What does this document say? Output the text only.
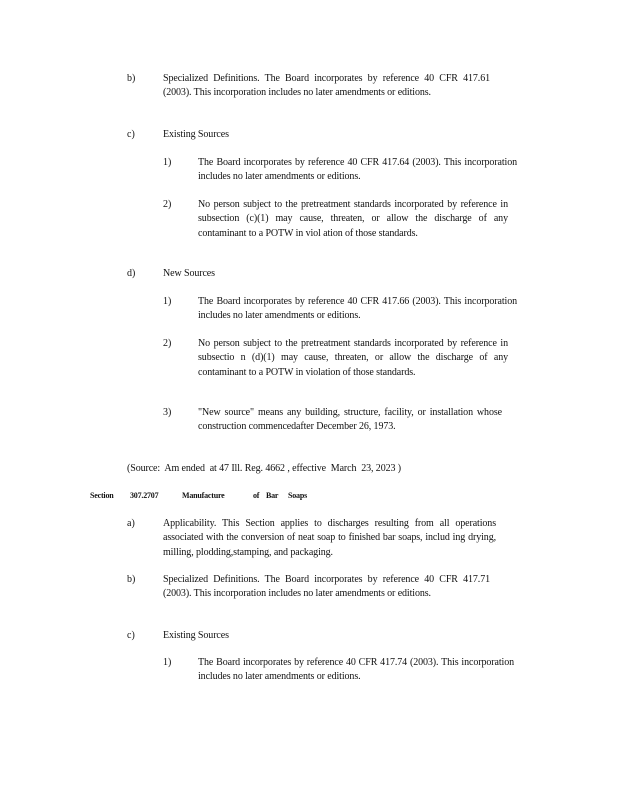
b)	Specialized Definitions. The Board incorporates by reference 40 CFR 417.61 (2003). This incorporation includes no later amendments or editions.
c)	Existing Sources
1)	The Board incorporates by reference 40 CFR 417.64 (2003). This incorporation includes no later amendments or editions.
2)	No person subject to the pretreatment standards incorporated by reference in subsection (c)(1) may cause, threaten, or allow the discharge of any contaminant to a POTW in viol ation of those standards.
d)	New Sources
1)	The Board incorporates by reference 40 CFR 417.66 (2003). This incorporation includes no later amendments or editions.
2)	No person subject to the pretreatment standards incorporated by reference in subsectio n (d)(1) may cause, threaten, or allow the discharge of any contaminant to a POTW in violation of those standards.
3)	"New source" means any building, structure, facility, or installation whose construction commencedafter December 26, 1973.
(Source:  Am ended  at 47 Ill. Reg. 4662 , effective  March  23, 2023 )
Section 307.2707	Manufacture	of Bar Soaps
a)	Applicability. This Section applies to discharges resulting from all operations associated with the conversion of neat soap to finished bar soaps, includ ing drying, milling, plodding,stamping, and packaging.
b)	Specialized Definitions. The Board incorporates by reference 40 CFR 417.71 (2003). This incorporation includes no later amendments or editions.
c)	Existing Sources
1)	The Board incorporates by reference 40 CFR 417.74 (2003). This incorporation includes no later amendments or editions.
